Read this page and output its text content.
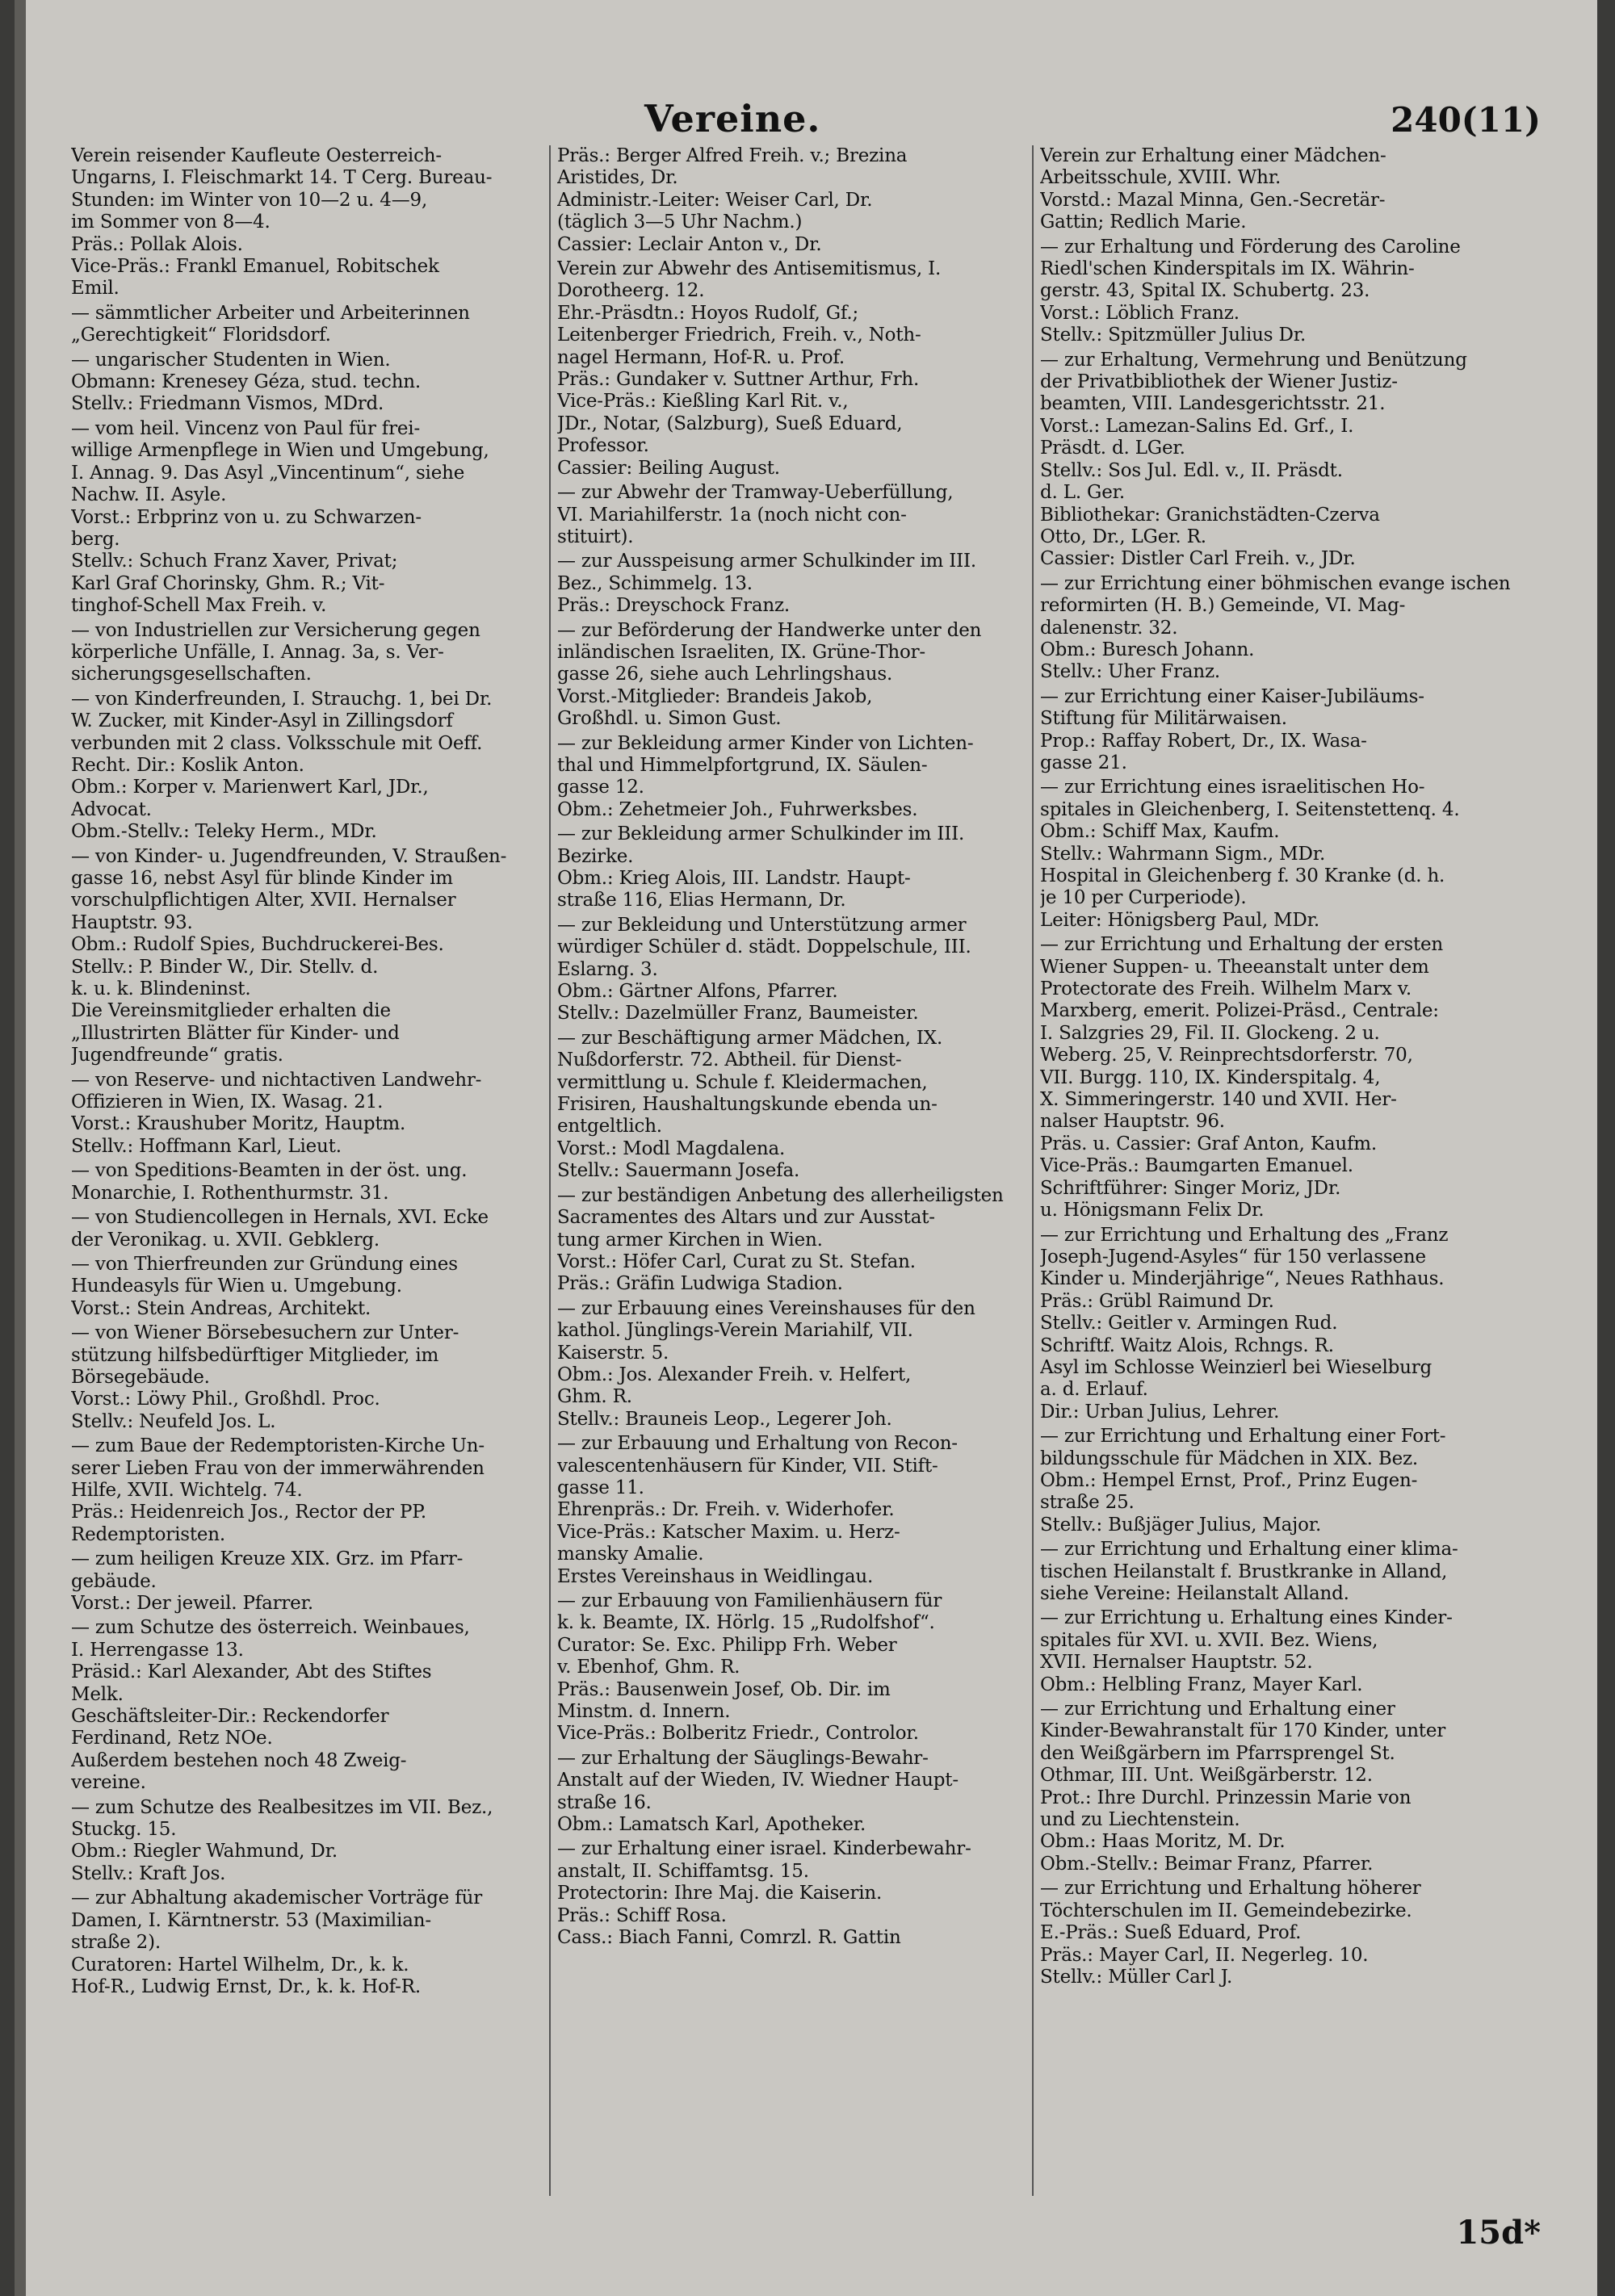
Vereine.	240(11)

Verein reisender Kaufleute Oesterreich-

Ungarns, I. Fleischmarkt 14. T Cerg. Bureau-

Stunden: im Winter von 10—2 u. 4—9,

im Sommer von 8—4.

Präs.: Pollak Alois.

Vice-Präs.: Frankl Emanuel, Robitschek

Emil.

— sämmtlicher Arbeiter und Arbeiterinnen

„Gerechtigkeit“ Floridsdorf.

— ungarischer Studenten in Wien.

Obmann: Krenesey Géza, stud. techn.

Stellv.: Friedmann Vismos, MDrd.

— vom heil. Vincenz von Paul für frei-

willige Armenpflege in Wien und Umgebung,

I. Annag. 9. Das Asyl „Vincentinum“, siehe

Nachw. II. Asyle.

Vorst.: Erbprinz von u. zu Schwarzen-

berg.

Stellv.: Schuch Franz Xaver, Privat;

Karl Graf Chorinsky, Ghm. R.; Vit-

tinghof-Schell Max Freih. v.

— von Industriellen zur Versicherung gegen

körperliche Unfälle, I. Annag. 3a, s. Ver-

sicherungsgesellschaften.

— von Kinderfreunden, I. Strauchg. 1, bei Dr.

W. Zucker, mit Kinder-Asyl in Zillingsdorf

verbunden mit 2 class. Volksschule mit Oeff.

Recht. Dir.: Koslik Anton.

Obm.: Korper v. Marienwert Karl, JDr.,

Advocat.

Obm.-Stellv.: Teleky Herm., MDr.

— von Kinder- u. Jugendfreunden, V. Straußen-

gasse 16, nebst Asyl für blinde Kinder im

vorschulpflichtigen Alter, XVII. Hernalser

Hauptstr. 93.

Obm.: Rudolf Spies, Buchdruckerei-Bes.

Stellv.: P. Binder W., Dir. Stellv. d.

k. u. k. Blindeninst.

Die Vereinsmitglieder erhalten die

„Illustrirten Blätter für Kinder- und

Jugendfreunde“ gratis.

— von Reserve- und nichtactiven Landwehr-

Offizieren in Wien, IX. Wasag. 21.

Vorst.: Kraushuber Moritz, Hauptm.

Stellv.: Hoffmann Karl, Lieut.

— von Speditions-Beamten in der öst. ung.

Monarchie, I. Rothenthurmstr. 31.

— von Studiencollegen in Hernals, XVI. Ecke

der Veronikag. u. XVII. Gebklerg.

— von Thierfreunden zur Gründung eines

Hundeasyls für Wien u. Umgebung.

Vorst.: Stein Andreas, Architekt.

— von Wiener Börsebesuchern zur Unter-

stützung hilfsbedürftiger Mitglieder, im

Börsegebäude.

Vorst.: Löwy Phil., Großhdl. Proc.

Stellv.: Neufeld Jos. L.

— zum Baue der Redemptoristen-Kirche Un-

serer Lieben Frau von der immerwährenden

Hilfe, XVII. Wichtelg. 74.

Präs.: Heidenreich Jos., Rector der PP.

Redemptoristen.

— zum heiligen Kreuze XIX. Grz. im Pfarr-

gebäude.

Vorst.: Der jeweil. Pfarrer.

— zum Schutze des österreich. Weinbaues,

I. Herrengasse 13.

Präsid.: Karl Alexander, Abt des Stiftes

Melk.

Geschäftsleiter-Dir.: Reckendorfer

Ferdinand, Retz NOe.

Außerdem bestehen noch 48 Zweig-

vereine.

— zum Schutze des Realbesitzes im VII. Bez.,

Stuckg. 15.

Obm.: Riegler Wahmund, Dr.

Stellv.: Kraft Jos.

— zur Abhaltung akademischer Vorträge für

Damen, I. Kärntnerstr. 53 (Maximilian-

straße 2).

Curatoren: Hartel Wilhelm, Dr., k. k.

Hof-R., Ludwig Ernst, Dr., k. k. Hof-R.

Präs.: Berger Alfred Freih. v.; Brezina

Aristides, Dr.

Administr.-Leiter: Weiser Carl, Dr.

(täglich 3—5 Uhr Nachm.)

Cassier: Leclair Anton v., Dr.

Verein zur Abwehr des Antisemitismus, I.

Dorotheerg. 12.

Ehr.-Präsdtn.: Hoyos Rudolf, Gf.;

Leitenberger Friedrich, Freih. v., Noth-

nagel Hermann, Hof-R. u. Prof.

Präs.: Gundaker v. Suttner Arthur, Frh.

Vice-Präs.: Kießling Karl Rit. v.,

JDr., Notar, (Salzburg), Sueß Eduard,

Professor.

Cassier: Beiling August.

— zur Abwehr der Tramway-Ueberfüllung,

VI. Mariahilferstr. 1a (noch nicht con-

stituirt).

— zur Ausspeisung armer Schulkinder im III.

Bez., Schimmelg. 13.

Präs.: Dreyschock Franz.

— zur Beförderung der Handwerke unter den

inländischen Israeliten, IX. Grüne-Thor-

gasse 26, siehe auch Lehrlingshaus.

Vorst.-Mitglieder: Brandeis Jakob,

Großhdl. u. Simon Gust.

— zur Bekleidung armer Kinder von Lichten-

thal und Himmelpfortgrund, IX. Säulen-

gasse 12.

Obm.: Zehetmeier Joh., Fuhrwerksbes.

— zur Bekleidung armer Schulkinder im III.

Bezirke.

Obm.: Krieg Alois, III. Landstr. Haupt-

straße 116, Elias Hermann, Dr.

— zur Bekleidung und Unterstützung armer

würdiger Schüler d. städt. Doppelschule, III.

Eslarng. 3.

Obm.: Gärtner Alfons, Pfarrer.

Stellv.: Dazelmüller Franz, Baumeister.

— zur Beschäftigung armer Mädchen, IX.

Nußdorferstr. 72. Abtheil. für Dienst-

vermittlung u. Schule f. Kleidermachen,

Frisiren, Haushaltungskunde ebenda un-

entgeltlich.

Vorst.: Modl Magdalena.

Stellv.: Sauermann Josefa.

— zur beständigen Anbetung des allerheiligsten

Sacramentes des Altars und zur Ausstat-

tung armer Kirchen in Wien.

Vorst.: Höfer Carl, Curat zu St. Stefan.

Präs.: Gräfin Ludwiga Stadion.

— zur Erbauung eines Vereinshauses für den

kathol. Jünglings-Verein Mariahilf, VII.

Kaiserstr. 5.

Obm.: Jos. Alexander Freih. v. Helfert,

Ghm. R.

Stellv.: Brauneis Leop., Legerer Joh.

— zur Erbauung und Erhaltung von Recon-

valescentenhäusern für Kinder, VII. Stift-

gasse 11.

Ehrenpräs.: Dr. Freih. v. Widerhofer.

Vice-Präs.: Katscher Maxim. u. Herz-

mansky Amalie.

Erstes Vereinshaus in Weidlingau.

— zur Erbauung von Familienhäusern für

k. k. Beamte, IX. Hörlg. 15 „Rudolfshof“.

Curator: Se. Exc. Philipp Frh. Weber

v. Ebenhof, Ghm. R.

Präs.: Bausenwein Josef, Ob. Dir. im

Minstm. d. Innern.

Vice-Präs.: Bolberitz Friedr., Controlor.

— zur Erhaltung der Säuglings-Bewahr-

Anstalt auf der Wieden, IV. Wiedner Haupt-

straße 16.

Obm.: Lamatsch Karl, Apotheker.

— zur Erhaltung einer israel. Kinderbewahr-

anstalt, II. Schiffamtsg. 15.

Protectorin: Ihre Maj. die Kaiserin.

Präs.: Schiff Rosa.

Cass.: Biach Fanni, Comrzl. R. Gattin

Verein zur Erhaltung einer Mädchen-

Arbeitsschule, XVIII. Whr.

Vorstd.: Mazal Minna, Gen.-Secretär-

Gattin; Redlich Marie.

— zur Erhaltung und Förderung des Caroline

Riedl'schen Kinderspitals im IX. Währin-

gerstr. 43, Spital IX. Schubertg. 23.

Vorst.: Löblich Franz.

Stellv.: Spitzmüller Julius Dr.

— zur Erhaltung, Vermehrung und Benützung

der Privatbibliothek der Wiener Justiz-

beamten, VIII. Landesgerichtsstr. 21.

Vorst.: Lamezan-Salins Ed. Grf., I.

Präsdt. d. LGer.

Stellv.: Sos Jul. Edl. v., II. Präsdt.

d. L. Ger.

Bibliothekar: Granichstädten-Czerva

Otto, Dr., LGer. R.

Cassier: Distler Carl Freih. v., JDr.

— zur Errichtung einer böhmischen evange ischen

reformirten (H. B.) Gemeinde, VI. Mag-

dalenenstr. 32.

Obm.: Buresch Johann.

Stellv.: Uher Franz.

— zur Errichtung einer Kaiser-Jubiläums-

Stiftung für Militärwaisen.

Prop.: Raffay Robert, Dr., IX. Wasa-

gasse 21.

— zur Errichtung eines israelitischen Ho-

spitales in Gleichenberg, I. Seitenstettenq. 4.

Obm.: Schiff Max, Kaufm.

Stellv.: Wahrmann Sigm., MDr.

Hospital in Gleichenberg f. 30 Kranke (d. h.

je 10 per Curperiode).

Leiter: Hönigsberg Paul, MDr.

— zur Errichtung und Erhaltung der ersten

Wiener Suppen- u. Theeanstalt unter dem

Protectorate des Freih. Wilhelm Marx v.

Marxberg, emerit. Polizei-Präsd., Centrale:

I. Salzgries 29, Fil. II. Glockeng. 2 u.

Weberg. 25, V. Reinprechtsdorferstr. 70,

VII. Burgg. 110, IX. Kinderspitalg. 4,

X. Simmeringerstr. 140 und XVII. Her-

nalser Hauptstr. 96.

Präs. u. Cassier: Graf Anton, Kaufm.

Vice-Präs.: Baumgarten Emanuel.

Schriftführer: Singer Moriz, JDr.

u. Hönigsmann Felix Dr.

— zur Errichtung und Erhaltung des „Franz

Joseph-Jugend-Asyles“ für 150 verlassene

Kinder u. Minderjährige“, Neues Rathhaus.

Präs.: Grübl Raimund Dr.

Stellv.: Geitler v. Armingen Rud.

Schriftf. Waitz Alois, Rchngs. R.

Asyl im Schlosse Weinzierl bei Wieselburg

a. d. Erlauf.

Dir.: Urban Julius, Lehrer.

— zur Errichtung und Erhaltung einer Fort-

bildungsschule für Mädchen in XIX. Bez.

Obm.: Hempel Ernst, Prof., Prinz Eugen-

straße 25.

Stellv.: Bußjäger Julius, Major.

— zur Errichtung und Erhaltung einer klima-

tischen Heilanstalt f. Brustkranke in Alland,

siehe Vereine: Heilanstalt Alland.

— zur Errichtung u. Erhaltung eines Kinder-

spitales für XVI. u. XVII. Bez. Wiens,

XVII. Hernalser Hauptstr. 52.

Obm.: Helbling Franz, Mayer Karl.

— zur Errichtung und Erhaltung einer

Kinder-Bewahranstalt für 170 Kinder, unter

den Weißgärbern im Pfarrsprengel St.

Othmar, III. Unt. Weißgärberstr. 12.

Prot.: Ihre Durchl. Prinzessin Marie von

und zu Liechtenstein.

Obm.: Haas Moritz, M. Dr.

Obm.-Stellv.: Beimar Franz, Pfarrer.

— zur Errichtung und Erhaltung höherer

Töchterschulen im II. Gemeindebezirke.

E.-Präs.: Sueß Eduard, Prof.

Präs.: Mayer Carl, II. Negerleg. 10.

Stellv.: Müller Carl J.

15d*
